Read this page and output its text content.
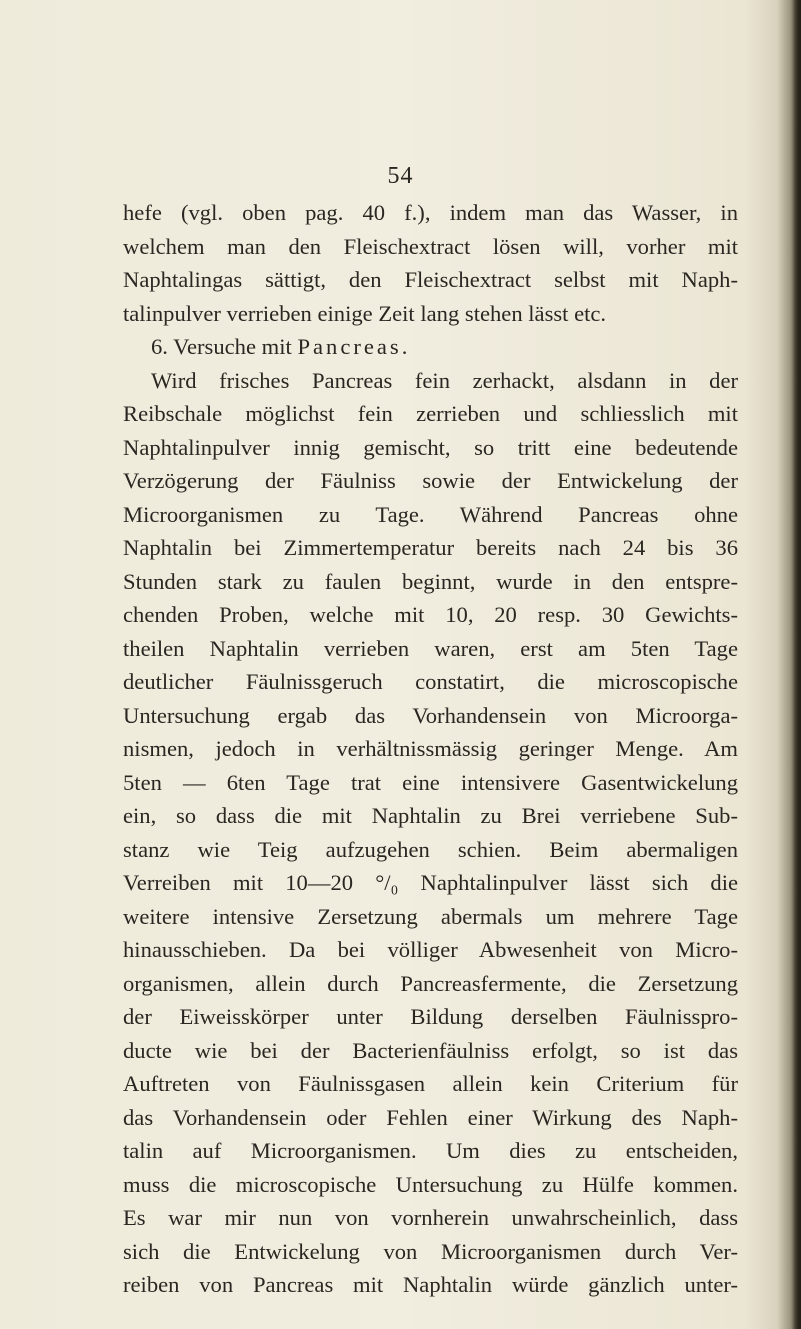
54
hefe (vgl. oben pag. 40 f.), indem man das Wasser, in
welchem man den Fleischextract lösen will, vorher mit
Naphtalingas sättigt, den Fleischextract selbst mit Naph-
talinpulver verrieben einige Zeit lang stehen lässt etc.
6. Versuche mit Pancreas.
Wird frisches Pancreas fein zerhackt, alsdann in der
Reibschale möglichst fein zerrieben und schliesslich mit
Naphtalinpulver innig gemischt, so tritt eine bedeutende
Verzögerung der Fäulniss sowie der Entwickelung der
Microorganismen zu Tage. Während Pancreas ohne
Naphtalin bei Zimmertemperatur bereits nach 24 bis 36
Stunden stark zu faulen beginnt, wurde in den entspre-
chenden Proben, welche mit 10, 20 resp. 30 Gewichts-
theilen Naphtalin verrieben waren, erst am 5ten Tage
deutlicher Fäulnissgeruch constatirt, die microscopische
Untersuchung ergab das Vorhandensein von Microorga-
nismen, jedoch in verhältnissmässig geringer Menge. Am
5ten — 6ten Tage trat eine intensivere Gasentwickelung
ein, so dass die mit Naphtalin zu Brei verriebene Sub-
stanz wie Teig aufzugehen schien. Beim abermaligen
Verreiben mit 10—20 °/₀ Naphtalinpulver lässt sich die
weitere intensive Zersetzung abermals um mehrere Tage
hinausschieben. Da bei völliger Abwesenheit von Micro-
organismen, allein durch Pancreasfermente, die Zersetzung
der Eiweisskörper unter Bildung derselben Fäulnisspro-
ducte wie bei der Bacterienfäulniss erfolgt, so ist das
Auftreten von Fäulnissgasen allein kein Criterium für
das Vorhandensein oder Fehlen einer Wirkung des Naph-
talin auf Microorganismen. Um dies zu entscheiden,
muss die microscopische Untersuchung zu Hülfe kommen.
Es war mir nun von vornherein unwahrscheinlich, dass
sich die Entwickelung von Microorganismen durch Ver-
reiben von Pancreas mit Naphtalin würde gänzlich unter-
